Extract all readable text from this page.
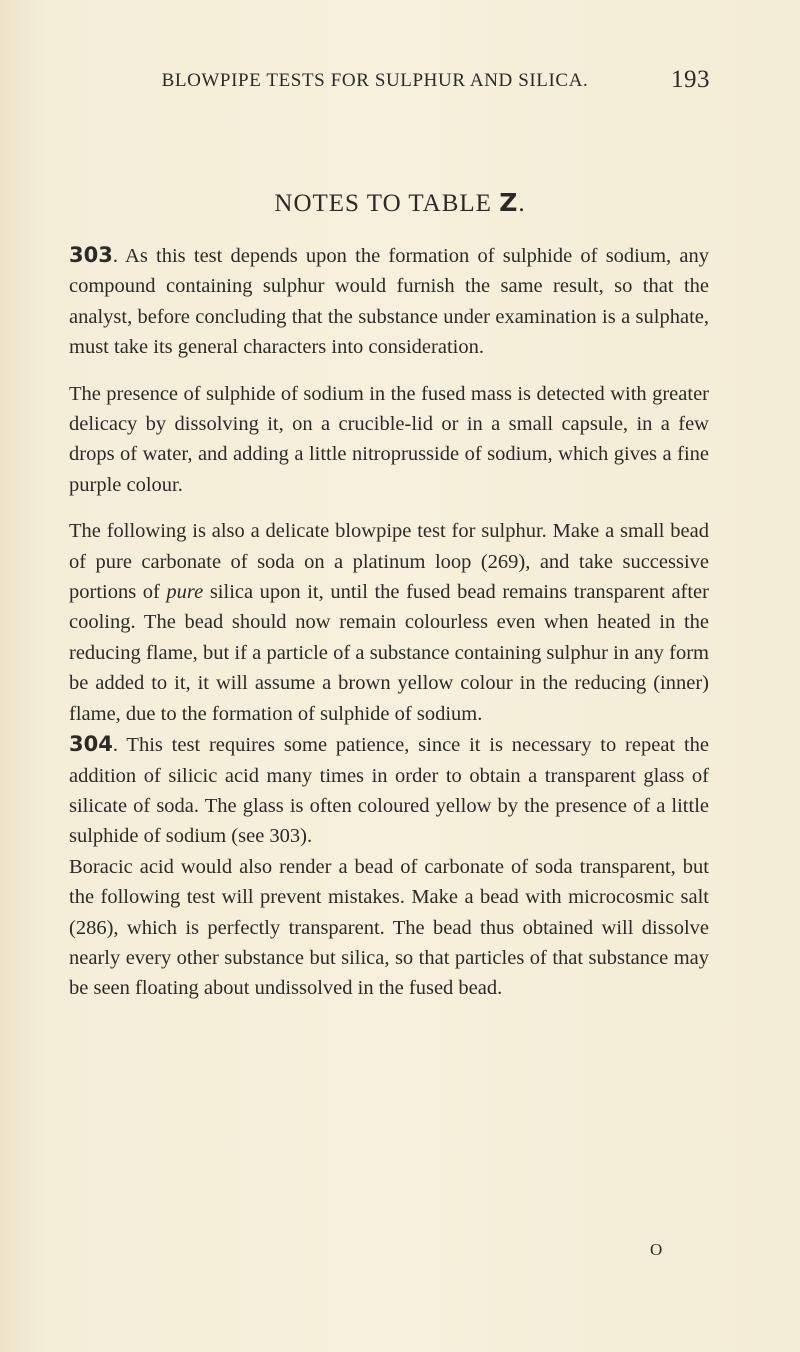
BLOWPIPE TESTS FOR SULPHUR AND SILICA.	193
NOTES TO TABLE Z.

303. As this test depends upon the formation of sulphide of sodium, any compound containing sulphur would furnish the same result, so that the analyst, before concluding that the substance under examination is a sulphate, must take its general characters into consideration.

The presence of sulphide of sodium in the fused mass is detected with greater delicacy by dissolving it, on a crucible-lid or in a small capsule, in a few drops of water, and adding a little nitroprusside of sodium, which gives a fine purple colour.

The following is also a delicate blowpipe test for sulphur. Make a small bead of pure carbonate of soda on a platinum loop (269), and take successive portions of pure silica upon it, until the fused bead remains transparent after cooling. The bead should now remain colourless even when heated in the reducing flame, but if a particle of a substance containing sulphur in any form be added to it, it will assume a brown yellow colour in the reducing (inner) flame, due to the formation of sulphide of sodium.

304. This test requires some patience, since it is necessary to repeat the addition of silicic acid many times in order to obtain a transparent glass of silicate of soda. The glass is often coloured yellow by the presence of a little sulphide of sodium (see 303).

Boracic acid would also render a bead of carbonate of soda transparent, but the following test will prevent mistakes. Make a bead with microcosmic salt (286), which is perfectly transparent. The bead thus obtained will dissolve nearly every other substance but silica, so that particles of that substance may be seen floating about undissolved in the fused bead.

O
